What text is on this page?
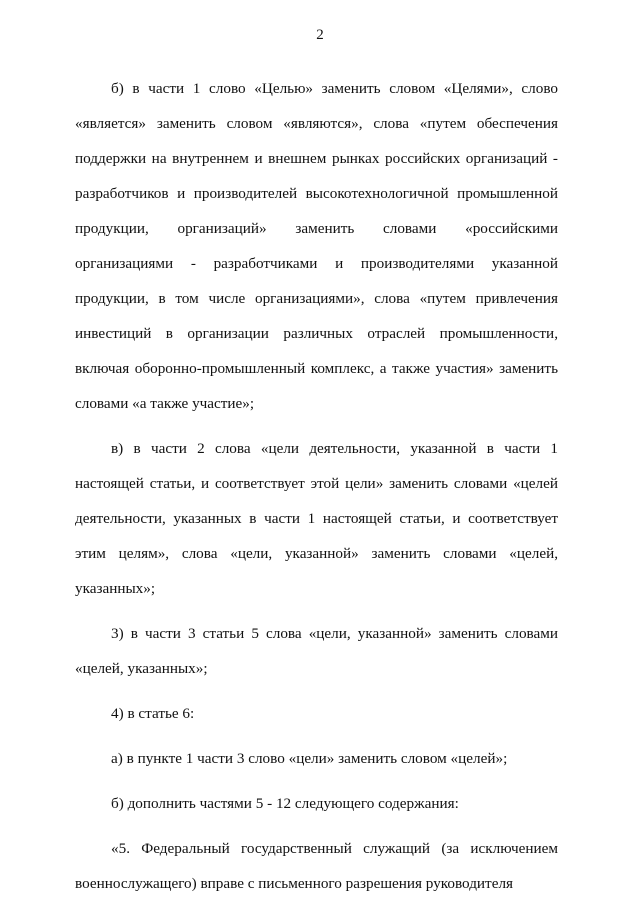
2

б) в части 1 слово «Целью» заменить словом «Целями», слово «является» заменить словом «являются», слова «путем обеспечения поддержки на внутреннем и внешнем рынках российских организаций - разработчиков и производителей высокотехнологичной промышленной продукции, организаций» заменить словами «российскими организациями - разработчиками и производителями указанной продукции, в том числе организациями», слова «путем привлечения инвестиций в организации различных отраслей промышленности, включая оборонно-промышленный комплекс, а также участия» заменить словами «а также участие»;

в) в части 2 слова «цели деятельности, указанной в части 1 настоящей статьи, и соответствует этой цели» заменить словами «целей деятельности, указанных в части 1 настоящей статьи, и соответствует этим целям», слова «цели, указанной» заменить словами «целей, указанных»;

3) в части 3 статьи 5 слова «цели, указанной» заменить словами «целей, указанных»;

4) в статье 6:

а) в пункте 1 части 3 слово «цели» заменить словом «целей»;

б) дополнить частями 5 - 12 следующего содержания:

«5. Федеральный государственный служащий (за исключением военнослужащего) вправе с письменного разрешения руководителя
